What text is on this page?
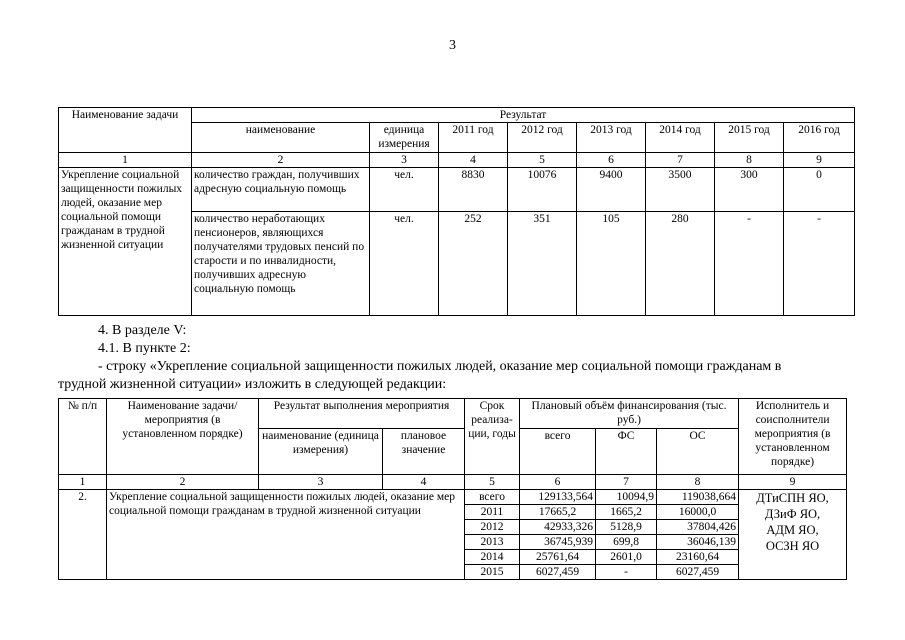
3
Наименование задачи	Результат							
	наименование	единица измерения	2011 год	2012 год	2013 год	2014 год	2015 год	2016 год
1	2	3	4	5	6	7	8	9
Укрепление социальной защищенности пожилых людей, оказание мер социальной помощи гражданам в трудной жизненной ситуации	количество граждан, получивших адресную социальную помощь	чел.	8830	10076	9400	3500	300	0
	количество неработающих пенсионеров, являющихся получателями трудовых пенсий по старости и по инвалидности, получивших адресную социальную помощь	чел.	252	351	105	280	-	-
4. В разделе V:
4.1. В пункте 2:
- строку «Укрепление социальной защищенности пожилых людей, оказание мер социальной помощи гражданам в
трудной жизненной ситуации» изложить в следующей редакции:
№ п/п	Наименование задачи/мероприятия (в установленном порядке)	Результат выполнения мероприятия		Срок реализа-ции, годы	Плановый объём финансирования (тыс. руб.)			Исполнитель и соисполнители мероприятия (в установленном порядке)
		наименование (единица измерения)	плановое значение		всего	ФС	ОС	
1	2	3	4	5	6	7	8	9
2.	Укрепление социальной защищенности пожилых людей, оказание мер социальной помощи гражданам в трудной жизненной ситуации			всего	129133,564	10094,9	119038,664	ДТиСПН ЯО,
ДЗиФ ЯО,
АДМ ЯО,
ОСЗН ЯО

				2011	17665,2	1665,2	16000,0	
				2012	42933,326	5128,9	37804,426	
				2013	36745,939	699,8	36046,139	
				2014	25761,64	2601,0	23160,64	
				2015	6027,459	-	6027,459	
